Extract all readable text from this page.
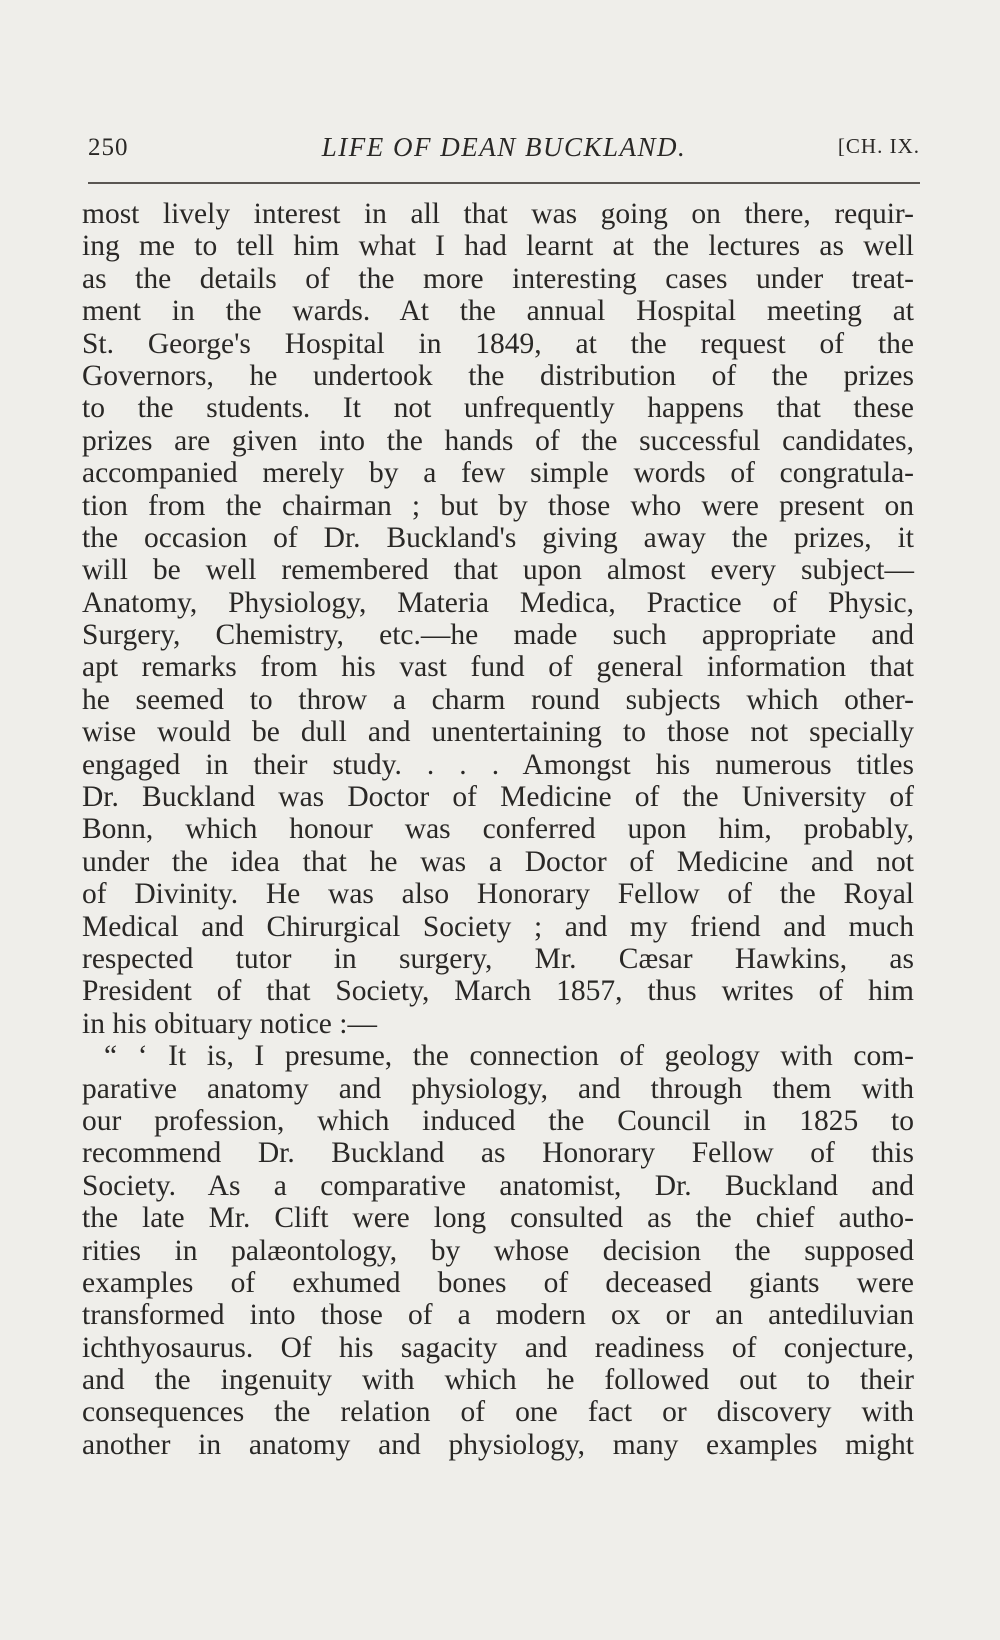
250	LIFE OF DEAN BUCKLAND.	[CH. IX.
most lively interest in all that was going on there, requir-
ing me to tell him what I had learnt at the lectures as well
as the details of the more interesting cases under treat-
ment in the wards. At the annual Hospital meeting at
St. George's Hospital in 1849, at the request of the
Governors, he undertook the distribution of the prizes
to the students. It not unfrequently happens that these
prizes are given into the hands of the successful candidates,
accompanied merely by a few simple words of congratula-
tion from the chairman ; but by those who were present on
the occasion of Dr. Buckland's giving away the prizes, it
will be well remembered that upon almost every subject—
Anatomy, Physiology, Materia Medica, Practice of Physic,
Surgery, Chemistry, etc.—he made such appropriate and
apt remarks from his vast fund of general information that
he seemed to throw a charm round subjects which other-
wise would be dull and unentertaining to those not specially
engaged in their study. . . . Amongst his numerous titles
Dr. Buckland was Doctor of Medicine of the University of
Bonn, which honour was conferred upon him, probably,
under the idea that he was a Doctor of Medicine and not
of Divinity. He was also Honorary Fellow of the Royal
Medical and Chirurgical Society ; and my friend and much
respected tutor in surgery, Mr. Cæsar Hawkins, as
President of that Society, March 1857, thus writes of him
in his obituary notice :—
“ ‘ It is, I presume, the connection of geology with com-
parative anatomy and physiology, and through them with
our profession, which induced the Council in 1825 to
recommend Dr. Buckland as Honorary Fellow of this
Society. As a comparative anatomist, Dr. Buckland and
the late Mr. Clift were long consulted as the chief autho-
rities in palæontology, by whose decision the supposed
examples of exhumed bones of deceased giants were
transformed into those of a modern ox or an antediluvian
ichthyosaurus. Of his sagacity and readiness of conjecture,
and the ingenuity with which he followed out to their
consequences the relation of one fact or discovery with
another in anatomy and physiology, many examples might
